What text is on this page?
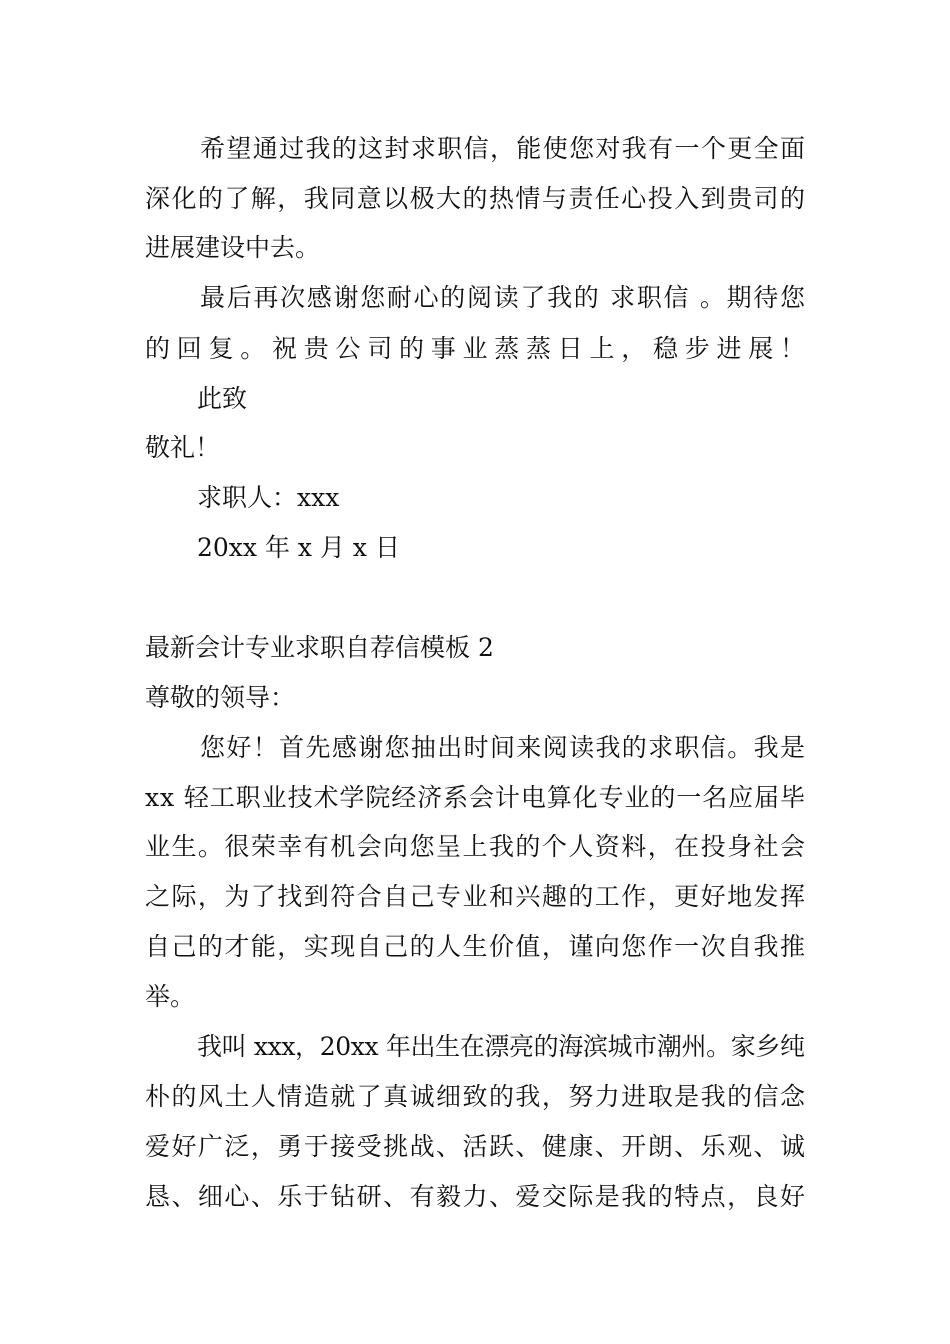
希望通过我的这封求职信，能使您对我有一个更全面

深化的了解，我同意以极大的热情与责任心投入到贵司的

进展建设中去。

最后再次感谢您耐心的阅读了我的 求职信 。期待您

的回复。祝贵公司的事业蒸蒸日上，稳步进展！

此致

敬礼！

求职人：xxx

20xx 年 x 月 x 日

最新会计专业求职自荐信模板 2

尊敬的领导：

您好！首先感谢您抽出时间来阅读我的求职信。我是

xx 轻工职业技术学院经济系会计电算化专业的一名应届毕

业生。很荣幸有机会向您呈上我的个人资料，在投身社会

之际，为了找到符合自己专业和兴趣的工作，更好地发挥

自己的才能，实现自己的人生价值，谨向您作一次自我推

举。

我叫 xxx，20xx 年出生在漂亮的海滨城市潮州。家乡纯

朴的风土人情造就了真诚细致的我，努力进取是我的信念

爱好广泛，勇于接受挑战、活跃、健康、开朗、乐观、诚

恳、细心、乐于钻研、有毅力、爱交际是我的特点，良好
